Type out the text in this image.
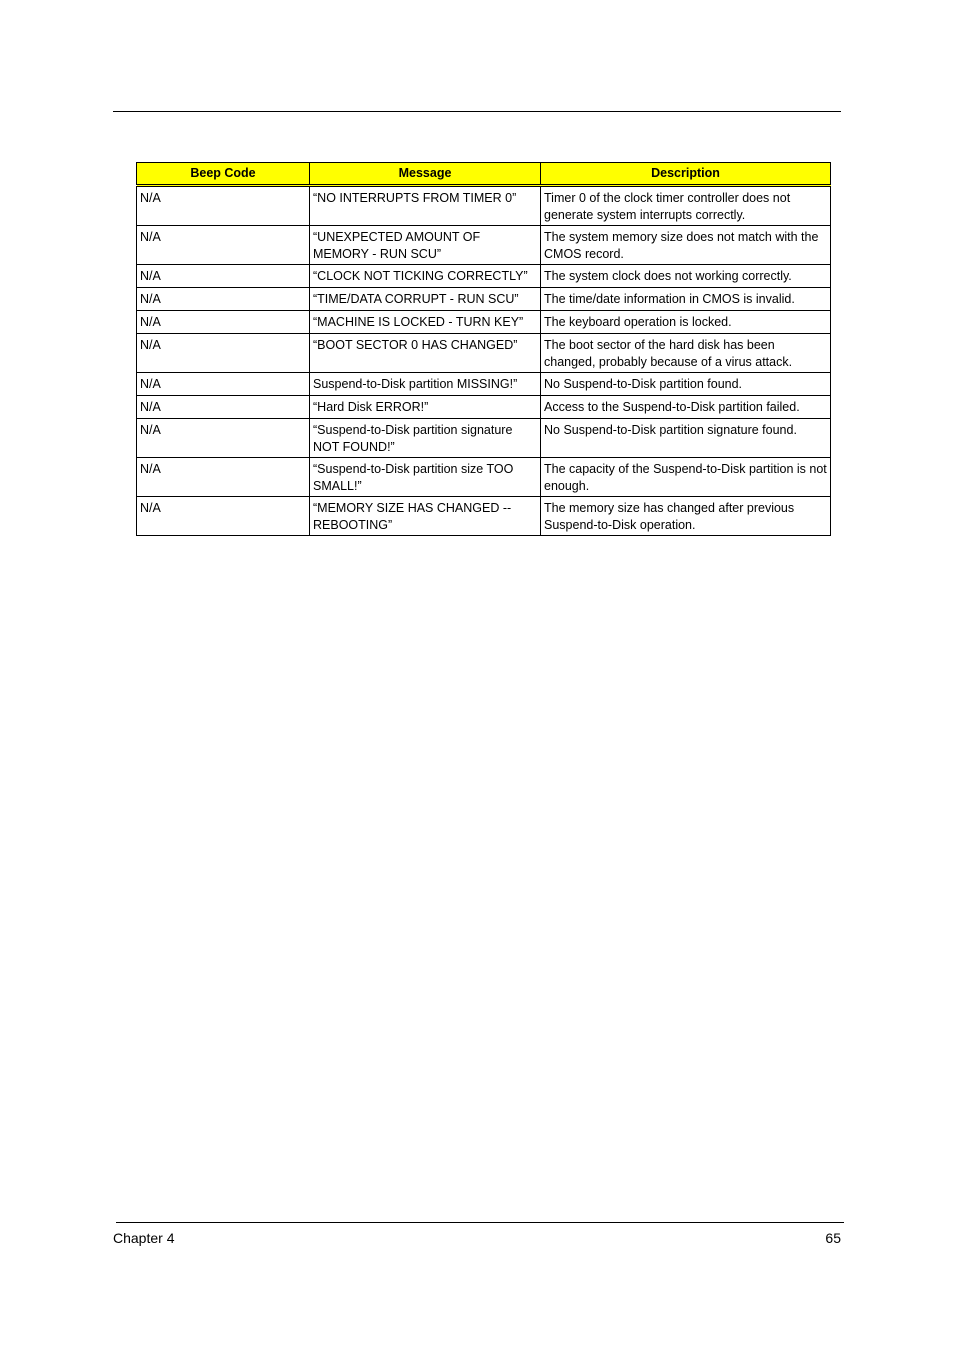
Beep Code	Message	Description
N/A	“NO INTERRUPTS FROM TIMER 0”	Timer 0 of the clock timer controller does not generate system interrupts correctly.
N/A	“UNEXPECTED AMOUNT OF MEMORY - RUN SCU”	The system memory size does not match with the CMOS record.
N/A	“CLOCK NOT TICKING CORRECTLY”	The system clock does not working correctly.
N/A	“TIME/DATA CORRUPT - RUN SCU”	The time/date information in CMOS is invalid.
N/A	“MACHINE IS LOCKED - TURN KEY”	The keyboard operation is locked.
N/A	“BOOT SECTOR 0 HAS CHANGED”	The boot sector of the hard disk has been changed, probably because of a virus attack.
N/A	Suspend-to-Disk partition MISSING!”	No Suspend-to-Disk partition found.
N/A	“Hard Disk ERROR!”	Access to the Suspend-to-Disk partition failed.
N/A	“Suspend-to-Disk partition signature NOT FOUND!”	No Suspend-to-Disk partition signature found.
N/A	“Suspend-to-Disk partition size TOO SMALL!”	The capacity of the Suspend-to-Disk partition is not enough.
N/A	“MEMORY SIZE HAS CHANGED -- REBOOTING”	The memory size has changed after previous Suspend-to-Disk operation.
Chapter 4	65
